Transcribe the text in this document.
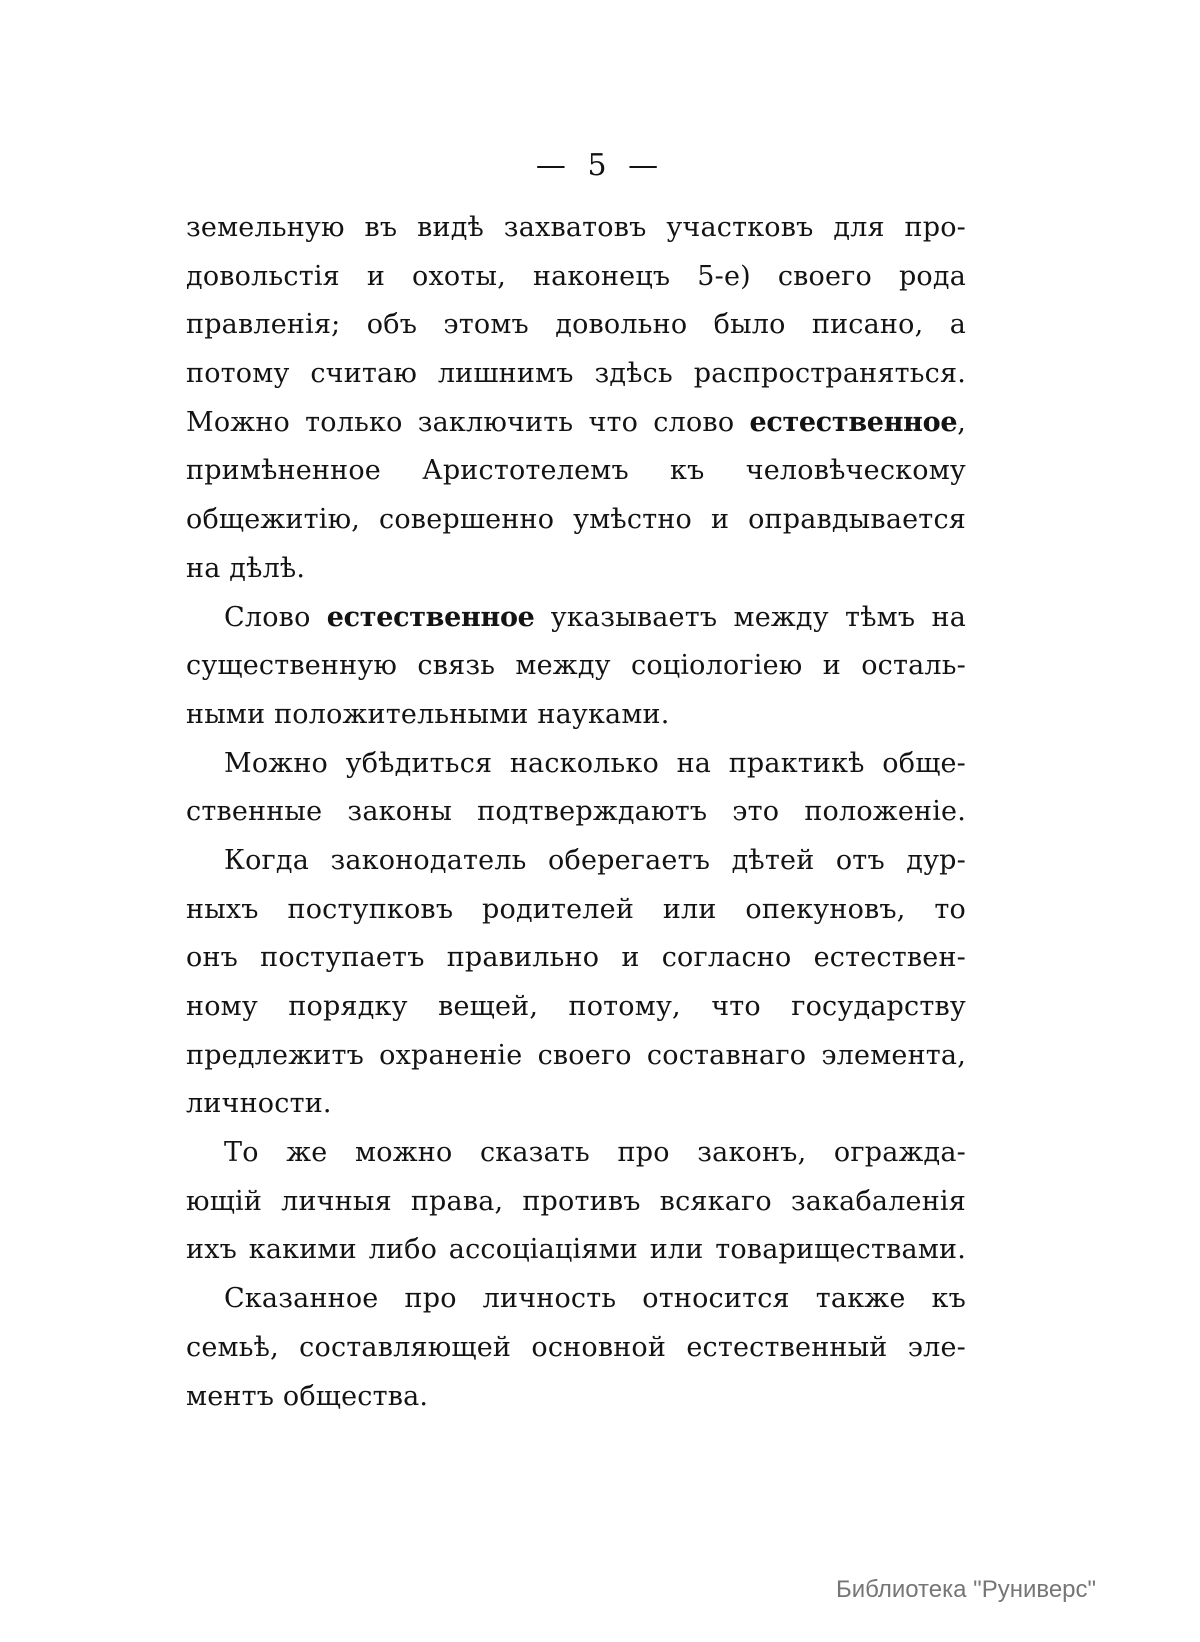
— 5 —
земельную въ видѣ захватовъ участковъ для про-
довольстія и охоты, наконецъ 5-е) своего рода
правленія; объ этомъ довольно было писано, а
потому считаю лишнимъ здѣсь распространяться.
Можно только заключить что слово естественное,
примѣненное Аристотелемъ къ человѣческому
общежитію, совершенно умѣстно и оправдывается
на дѣлѣ.
Слово естественное указываетъ между тѣмъ на
существенную связь между соціологіею и осталь-
ными положительными науками.
Можно убѣдиться насколько на практикѣ обще-
ственные законы подтверждаютъ это положеніе.
Когда законодатель оберегаетъ дѣтей отъ дур-
ныхъ поступковъ родителей или опекуновъ, то
онъ поступаетъ правильно и согласно естествен-
ному порядку вещей, потому, что государству
предлежитъ охраненіе своего составнаго элемента,
личности.
То же можно сказать про законъ, огражда-
ющій личныя права, противъ всякаго закабаленія
ихъ какими либо ассоціаціями или товариществами.
Сказанное про личность относится также къ
семьѣ, составляющей основной естественный эле-
ментъ общества.
Библиотека "Руниверс"
